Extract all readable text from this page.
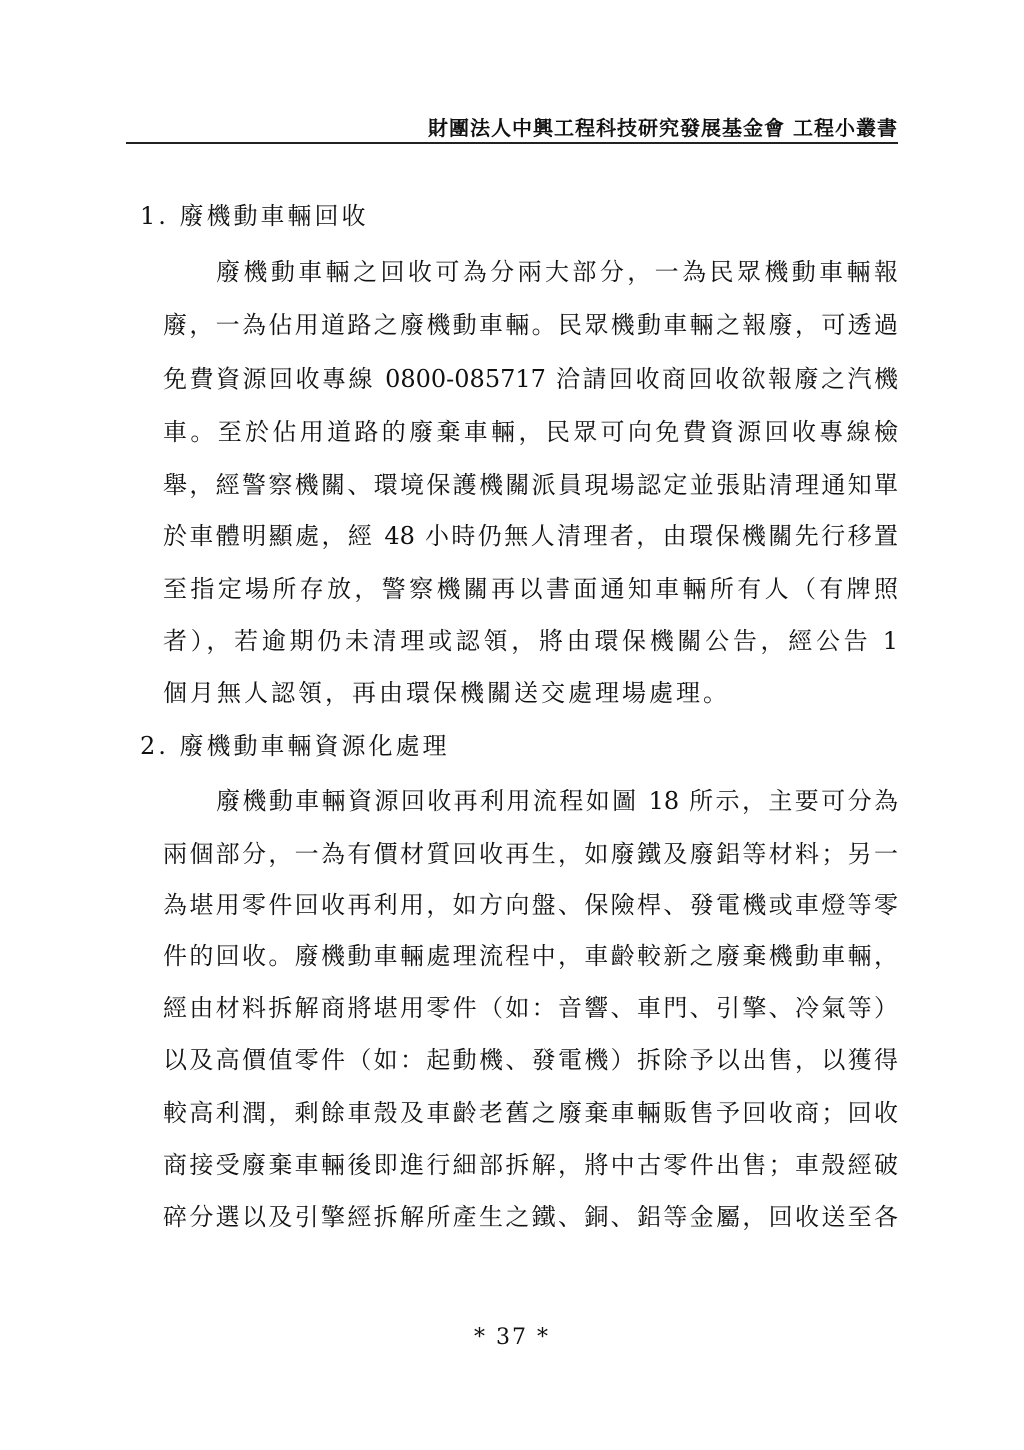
財團法人中興工程科技研究發展基金會 工程小叢書
1. 廢機動車輛回收
廢機動車輛之回收可為分兩大部分，一為民眾機動車輛報
廢，一為佔用道路之廢機動車輛。民眾機動車輛之報廢，可透過
免費資源回收專線 0800-085717 洽請回收商回收欲報廢之汽機
車。至於佔用道路的廢棄車輛，民眾可向免費資源回收專線檢
舉，經警察機關、環境保護機關派員現場認定並張貼清理通知單
於車體明顯處，經 48 小時仍無人清理者，由環保機關先行移置
至指定場所存放，警察機關再以書面通知車輛所有人（有牌照
者），若逾期仍未清理或認領，將由環保機關公告，經公告 1
個月無人認領，再由環保機關送交處理場處理。
2. 廢機動車輛資源化處理
廢機動車輛資源回收再利用流程如圖 18 所示，主要可分為
兩個部分，一為有價材質回收再生，如廢鐵及廢鋁等材料；另一
為堪用零件回收再利用，如方向盤、保險桿、發電機或車燈等零
件的回收。廢機動車輛處理流程中，車齡較新之廢棄機動車輛，
經由材料拆解商將堪用零件（如：音響、車門、引擎、冷氣等）
以及高價值零件（如：起動機、發電機）拆除予以出售，以獲得
較高利潤，剩餘車殼及車齡老舊之廢棄車輛販售予回收商；回收
商接受廢棄車輛後即進行細部拆解，將中古零件出售；車殼經破
碎分選以及引擎經拆解所產生之鐵、銅、鋁等金屬，回收送至各
* 37 *
